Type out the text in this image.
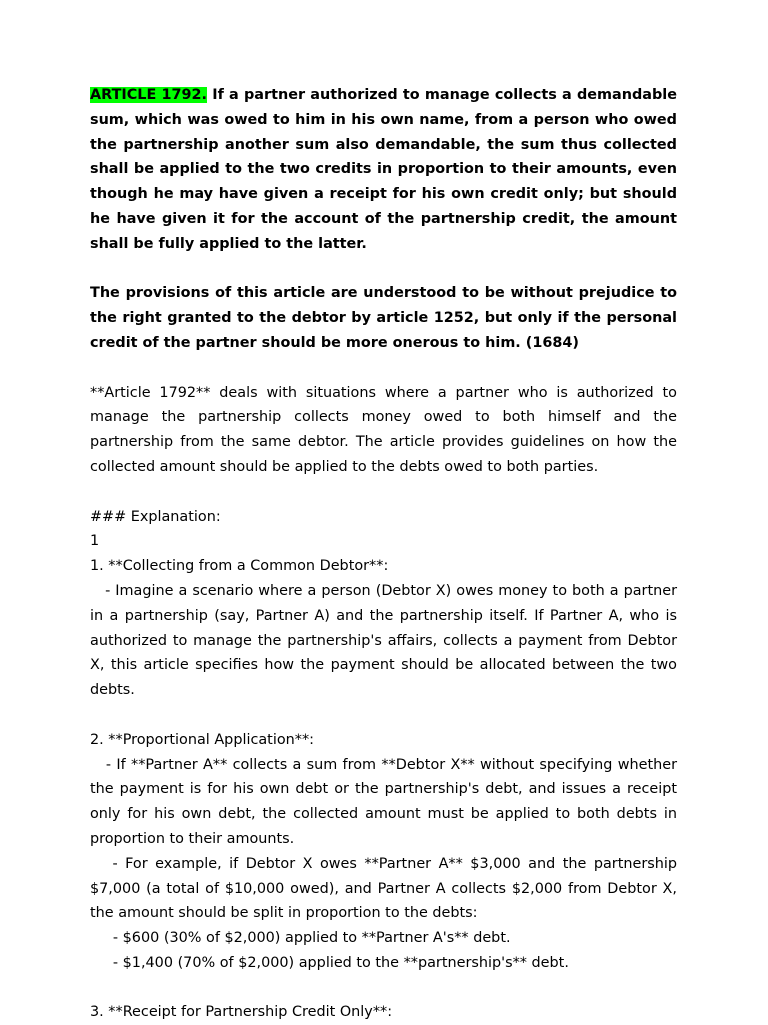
ARTICLE 1792. If a partner authorized to manage collects a demandable sum, which was owed to him in his own name, from a person who owed the partnership another sum also demandable, the sum thus collected shall be applied to the two credits in proportion to their amounts, even though he may have given a receipt for his own credit only; but should he have given it for the account of the partnership credit, the amount shall be fully applied to the latter.

The provisions of this article are understood to be without prejudice to the right granted to the debtor by article 1252, but only if the personal credit of the partner should be more onerous to him. (1684)

**Article 1792** deals with situations where a partner who is authorized to manage the partnership collects money owed to both himself and the partnership from the same debtor. The article provides guidelines on how the collected amount should be applied to the debts owed to both parties.

### Explanation:

1

1. **Collecting from a Common Debtor**:

- Imagine a scenario where a person (Debtor X) owes money to both a partner in a partnership (say, Partner A) and the partnership itself. If Partner A, who is authorized to manage the partnership's affairs, collects a payment from Debtor X, this article specifies how the payment should be allocated between the two debts.

2. **Proportional Application**:

- If **Partner A** collects a sum from **Debtor X** without specifying whether the payment is for his own debt or the partnership's debt, and issues a receipt only for his own debt, the collected amount must be applied to both debts in proportion to their amounts.

- For example, if Debtor X owes **Partner A** $3,000 and the partnership $7,000 (a total of $10,000 owed), and Partner A collects $2,000 from Debtor X, the amount should be split in proportion to the debts:

- $600 (30% of $2,000) applied to **Partner A's** debt.

- $1,400 (70% of $2,000) applied to the **partnership's** debt.

3. **Receipt for Partnership Credit Only**:
